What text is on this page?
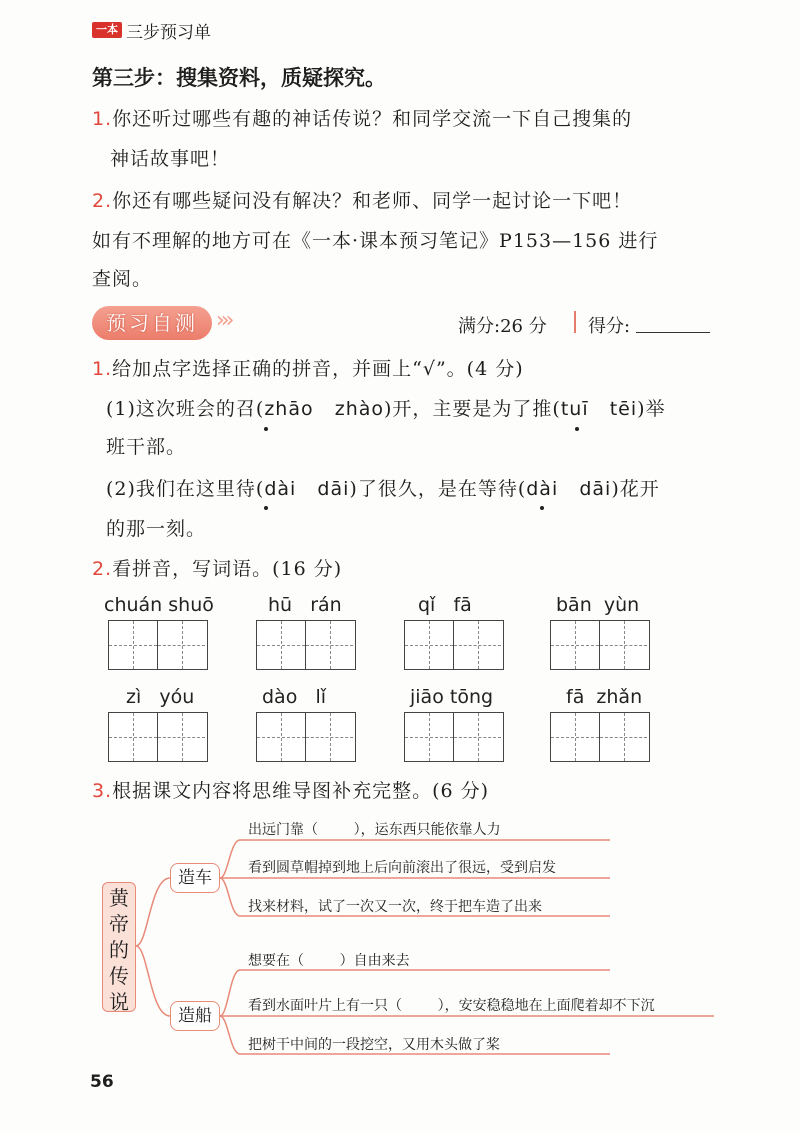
一本 三步预习单
第三步：搜集资料，质疑探究。
1.你还听过哪些有趣的神话传说？和同学交流一下自己搜集的
神话故事吧！
2.你还有哪些疑问没有解决？和老师、同学一起讨论一下吧！
如有不理解的地方可在《一本·课本预习笔记》P153—156 进行
查阅。
预习自测 ›››	满分:26 分 得分:
1.给加点字选择正确的拼音，并画上“√”。(4 分)
(1)这次班会的召(zhāo   zhào)开，主要是为了推(tuī   tēi)举
班干部。
(2)我们在这里待(dài   dāi)了很久，是在等待(dài   dāi)花开
的那一刻。
2.看拼音，写词语。(16 分)
chuán shuō	hū   rán	qǐ   fā	bān  yùn
zì   yóu	dào   lǐ	jiāo tōng	fā  zhǎn
3.根据课文内容将思维导图补充完整。(6 分)
黄
帝
的
传
说
造车
造船
出远门靠（        ），运东西只能依靠人力
看到圆草帽掉到地上后向前滚出了很远，受到启发
找来材料，试了一次又一次，终于把车造了出来
想要在（        ）自由来去
看到水面叶片上有一只（        ），安安稳稳地在上面爬着却不下沉
把树干中间的一段挖空，又用木头做了桨
56
